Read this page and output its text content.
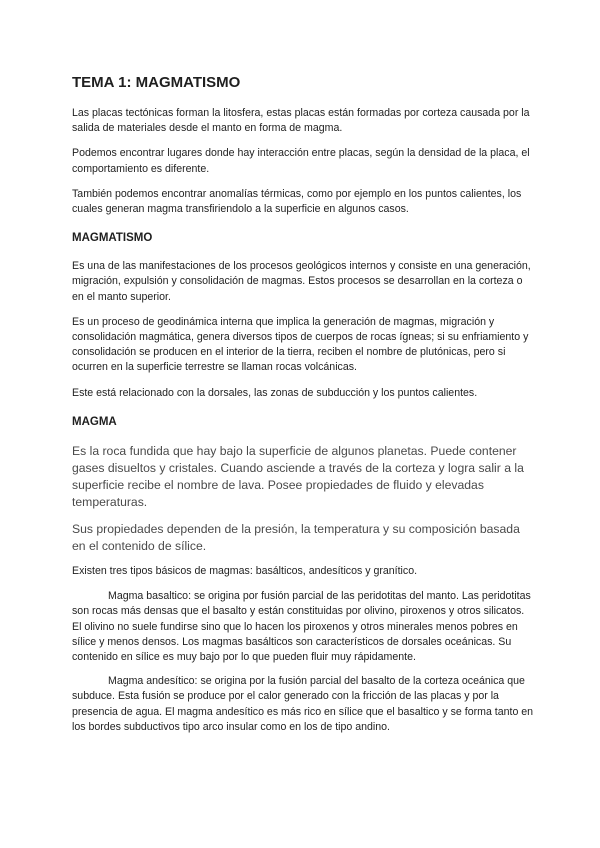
TEMA 1: MAGMATISMO

Las placas tectónicas forman la litosfera, estas placas están formadas por corteza causada por la salida de materiales desde el manto en forma de magma.

Podemos encontrar lugares donde hay interacción entre placas, según la densidad de la placa, el comportamiento es diferente.

También podemos encontrar anomalías térmicas, como por ejemplo en los puntos calientes, los cuales generan magma transfiriendolo a la superficie en algunos casos.

MAGMATISMO

Es una de las manifestaciones de los procesos geológicos internos y consiste en una generación, migración, expulsión y consolidación de magmas. Estos procesos se desarrollan en la corteza o en el manto superior.

Es un proceso de geodinámica interna que implica la generación de magmas, migración y consolidación magmática, genera diversos tipos de cuerpos de rocas ígneas; si su enfriamiento y consolidación se producen en el interior de la tierra, reciben el nombre de plutónicas, pero si ocurren en la superficie terrestre se llaman rocas volcánicas.

Este está relacionado con la dorsales, las zonas de subducción y los puntos calientes.

MAGMA

Es la roca fundida que hay bajo la superficie de algunos planetas. Puede contener gases disueltos y cristales. Cuando asciende a través de la corteza y logra salir a la superficie recibe el nombre de lava. Posee propiedades de fluido y elevadas temperaturas.

Sus propiedades dependen de la presión, la temperatura y su composición basada en el contenido de sílice.

Existen tres tipos básicos de magmas: basálticos, andesíticos y granítico.

Magma basaltico: se origina por fusión parcial de las peridotitas del manto. Las peridotitas son rocas más densas que el basalto y están constituidas por olivino, piroxenos y otros silicatos. El olivino no suele fundirse sino que lo hacen los piroxenos y otros minerales menos pobres en sílice y menos densos. Los magmas basálticos son característicos de dorsales oceánicas. Su contenido en sílice es muy bajo por lo que pueden fluir muy rápidamente.

Magma andesítico: se origina por la fusión parcial del basalto de la corteza oceánica que subduce. Esta fusión se produce por el calor generado con la fricción de las placas y por la presencia de agua. El magma andesítico es más rico en sílice que el basaltico y se forma tanto en los bordes subductivos tipo arco insular como en los de tipo andino.
